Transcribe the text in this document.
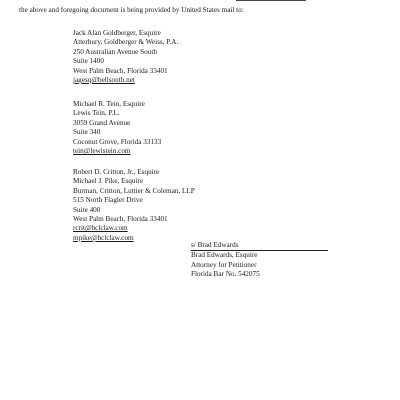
the above and foregoing document is being provided by United States mail to:
Jack Alan Goldberger, Esquire
Atterbury, Goldberger & Weiss, P.A.
250 Australian Avenue South
Suite 1400
West Palm Beach, Florida 33401
jagesq@bellsouth.net
Michael R. Tein, Esquire
Lewis Tein, P.L.
3059 Grand Avenue
Suite 340
Coconut Grove, Florida 33133
tein@lewistein.com
Robert D. Critton, Jr., Esquire
Michael J. Pike, Esquire
Burman, Critton, Luttier & Coleman, LLP
515 North Flagler Drive
Suite 400
West Palm Beach, Florida 33401
rcrit@bclclaw.com
mpike@bclclaw.com
s/ Brad Edwards
Brad Edwards, Esquire
Attorney for Petitioner
Florida Bar No. 542075
